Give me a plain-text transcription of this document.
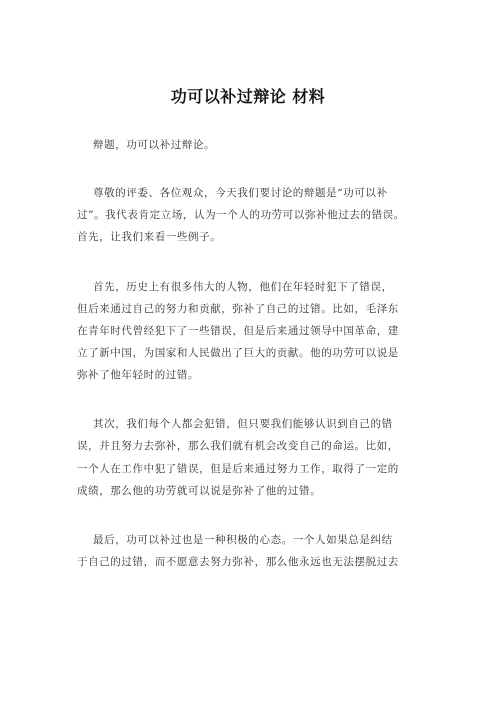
功可以补过辩论 材料
辩题，功可以补过辩论。
尊敬的评委、各位观众，今天我们要讨论的辩题是“功可以补
过”。我代表肯定立场，认为一个人的功劳可以弥补他过去的错误。
首先，让我们来看一些例子。
首先，历史上有很多伟大的人物，他们在年轻时犯下了错误，
但后来通过自己的努力和贡献，弥补了自己的过错。比如，毛泽东
在青年时代曾经犯下了一些错误，但是后来通过领导中国革命，建
立了新中国，为国家和人民做出了巨大的贡献。他的功劳可以说是
弥补了他年轻时的过错。
其次，我们每个人都会犯错，但只要我们能够认识到自己的错
误，并且努力去弥补，那么我们就有机会改变自己的命运。比如，
一个人在工作中犯了错误，但是后来通过努力工作，取得了一定的
成绩，那么他的功劳就可以说是弥补了他的过错。
最后，功可以补过也是一种积极的心态。一个人如果总是纠结
于自己的过错，而不愿意去努力弥补，那么他永远也无法摆脱过去
